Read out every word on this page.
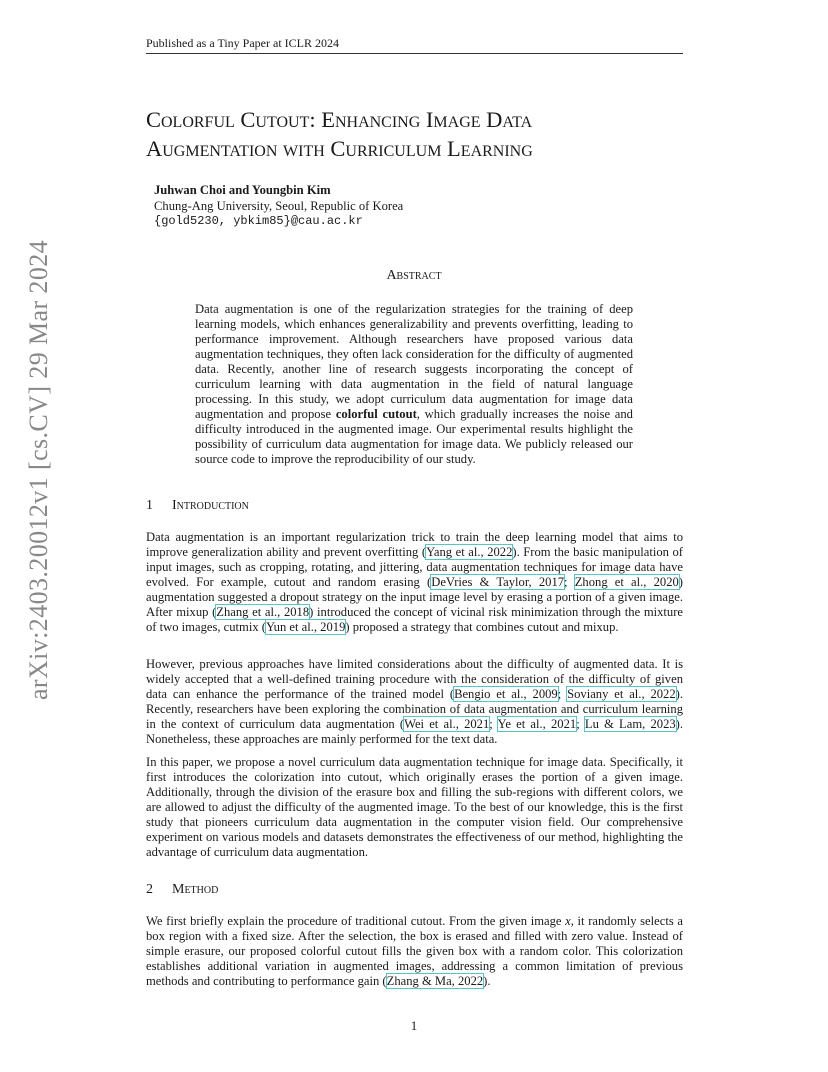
Published as a Tiny Paper at ICLR 2024
arXiv:2403.20012v1 [cs.CV] 29 Mar 2024
Colorful Cutout: Enhancing Image Data
Augmentation with Curriculum Learning
Juhwan Choi and Youngbin Kim
Chung-Ang University, Seoul, Republic of Korea
{gold5230, ybkim85}@cau.ac.kr
Abstract
Data augmentation is one of the regularization strategies for the training of deep learning models, which enhances generalizability and prevents overfitting, leading to performance improvement. Although researchers have proposed various data augmentation techniques, they often lack consideration for the difficulty of augmented data. Recently, another line of research suggests incorporating the concept of curriculum learning with data augmentation in the field of natural language processing. In this study, we adopt curriculum data augmentation for image data augmentation and propose colorful cutout, which gradually increases the noise and difficulty introduced in the augmented image. Our experimental results highlight the possibility of curriculum data augmentation for image data. We publicly released our source code to improve the reproducibility of our study.
1 Introduction
Data augmentation is an important regularization trick to train the deep learning model that aims to improve generalization ability and prevent overfitting (Yang et al., 2022). From the basic manipulation of input images, such as cropping, rotating, and jittering, data augmentation techniques for image data have evolved. For example, cutout and random erasing (DeVries & Taylor, 2017; Zhong et al., 2020) augmentation suggested a dropout strategy on the input image level by erasing a portion of a given image. After mixup (Zhang et al., 2018) introduced the concept of vicinal risk minimization through the mixture of two images, cutmix (Yun et al., 2019) proposed a strategy that combines cutout and mixup.
However, previous approaches have limited considerations about the difficulty of augmented data. It is widely accepted that a well-defined training procedure with the consideration of the difficulty of given data can enhance the performance of the trained model (Bengio et al., 2009; Soviany et al., 2022). Recently, researchers have been exploring the combination of data augmentation and curriculum learning in the context of curriculum data augmentation (Wei et al., 2021; Ye et al., 2021; Lu & Lam, 2023). Nonetheless, these approaches are mainly performed for the text data.
In this paper, we propose a novel curriculum data augmentation technique for image data. Specifically, it first introduces the colorization into cutout, which originally erases the portion of a given image. Additionally, through the division of the erasure box and filling the sub-regions with different colors, we are allowed to adjust the difficulty of the augmented image. To the best of our knowledge, this is the first study that pioneers curriculum data augmentation in the computer vision field. Our comprehensive experiment on various models and datasets demonstrates the effectiveness of our method, highlighting the advantage of curriculum data augmentation.
2 Method
We first briefly explain the procedure of traditional cutout. From the given image x, it randomly selects a box region with a fixed size. After the selection, the box is erased and filled with zero value. Instead of simple erasure, our proposed colorful cutout fills the given box with a random color. This colorization establishes additional variation in augmented images, addressing a common limitation of previous methods and contributing to performance gain (Zhang & Ma, 2022).
1
